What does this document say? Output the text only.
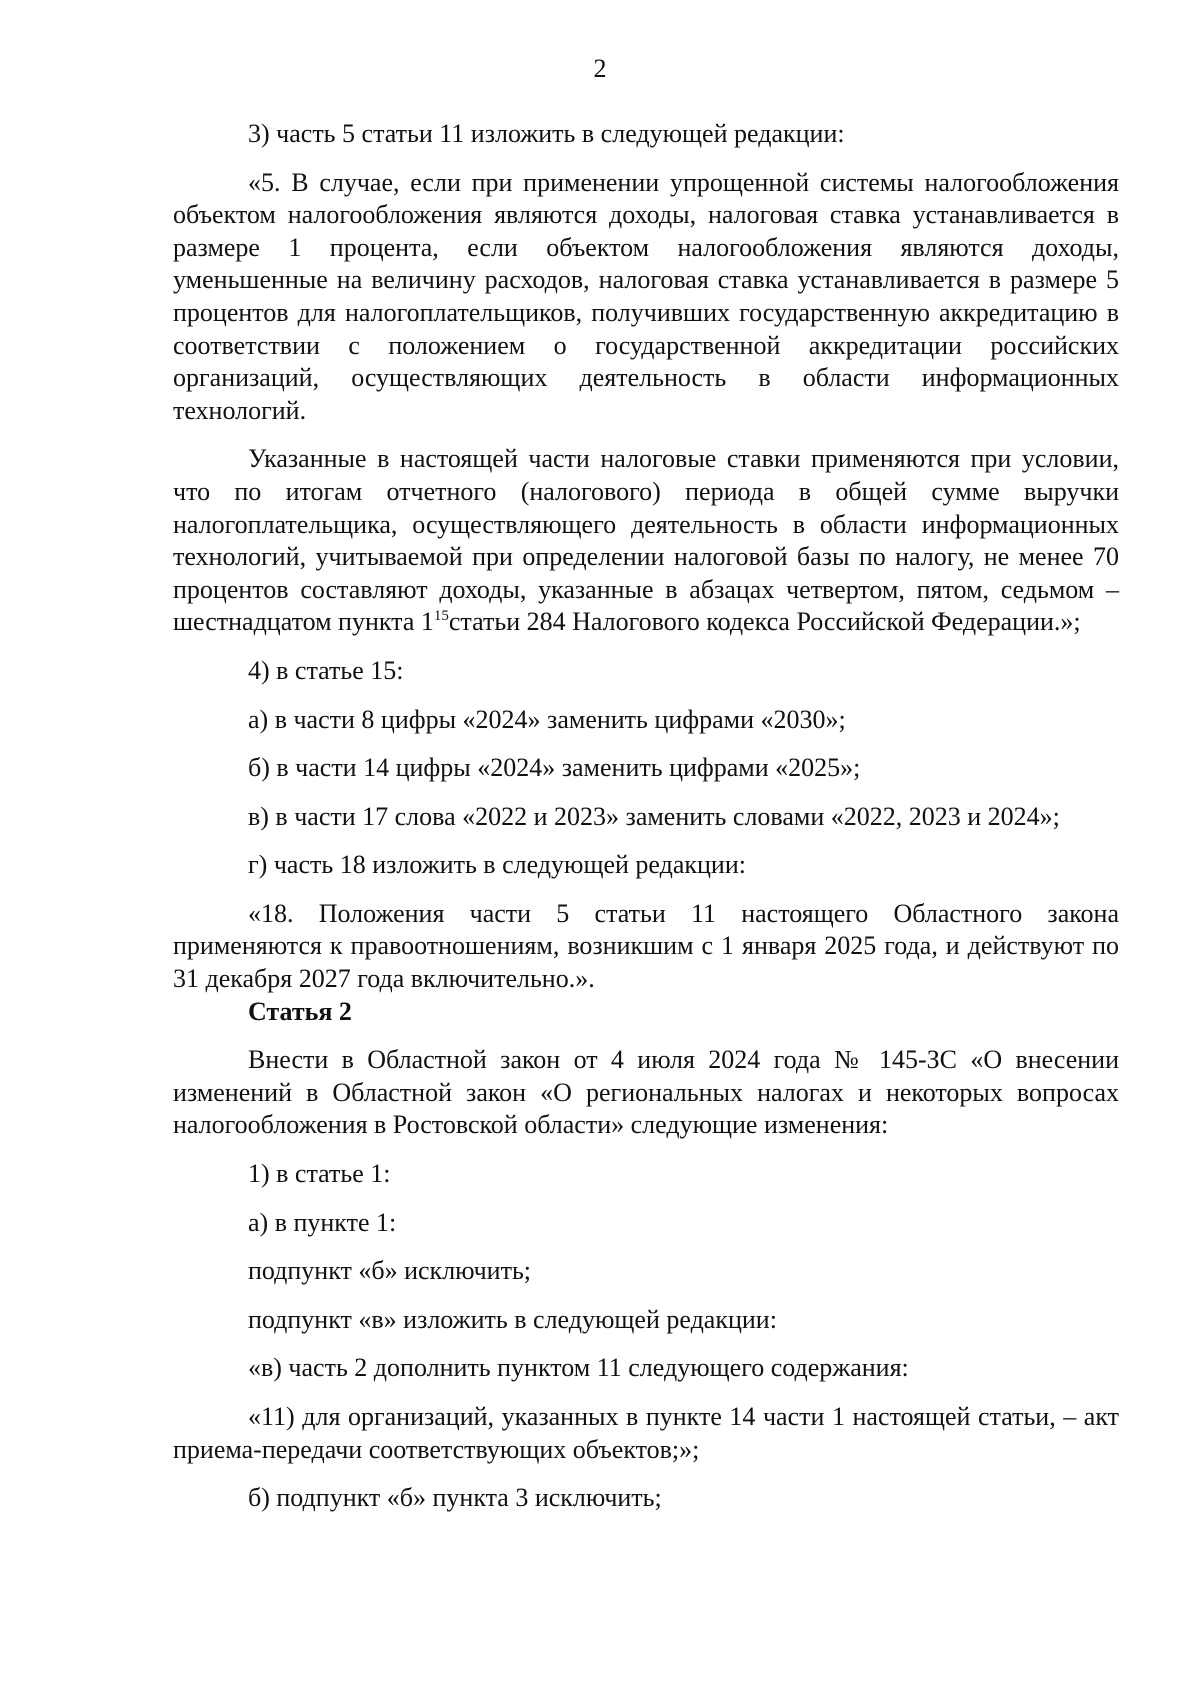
2

3) часть 5 статьи 11 изложить в следующей редакции:

«5. В случае, если при применении упрощенной системы налогообложения объектом налогообложения являются доходы, налоговая ставка устанавливается в размере 1 процента, если объектом налогообложения являются доходы, уменьшенные на величину расходов, налоговая ставка устанавливается в размере 5 процентов для налогоплательщиков, получивших государственную аккредитацию в соответствии с положением о государственной аккредитации российских организаций, осуществляющих деятельность в области информационных технологий.

Указанные в настоящей части налоговые ставки применяются при условии, что по итогам отчетного (налогового) периода в общей сумме выручки налогоплательщика, осуществляющего деятельность в области информационных технологий, учитываемой при определении налоговой базы по налогу, не менее 70 процентов составляют доходы, указанные в абзацах четвертом, пятом, седьмом – шестнадцатом пункта $1^{15}статьи$ 284 Налогового кодекса Российской Федерации.»;

4) в статье 15:

а) в части 8 цифры «2024» заменить цифрами «2030»;

б) в части 14 цифры «2024» заменить цифрами «2025»;

в) в части 17 слова «2022 и 2023» заменить словами «2022, 2023 и 2024»;

г) часть 18 изложить в следующей редакции:

«18. Положения части 5 статьи 11 настоящего Областного закона применяются к правоотношениям, возникшим с 1 января 2025 года, и действуют по 31 декабря 2027 года включительно.».

Статья 2

Внести в Областной закон от 4 июля 2024 года № 145-ЗС «О внесении изменений в Областной закон «О региональных налогах и некоторых вопросах налогообложения в Ростовской области» следующие изменения:

1) в статье 1:

а) в пункте 1:

подпункт «б» исключить;

подпункт «в» изложить в следующей редакции:

«в) часть 2 дополнить пунктом 11 следующего содержания:

«11) для организаций, указанных в пункте 14 части 1 настоящей статьи, – акт приема-передачи соответствующих объектов;»;

б) подпункт «б» пункта 3 исключить;
